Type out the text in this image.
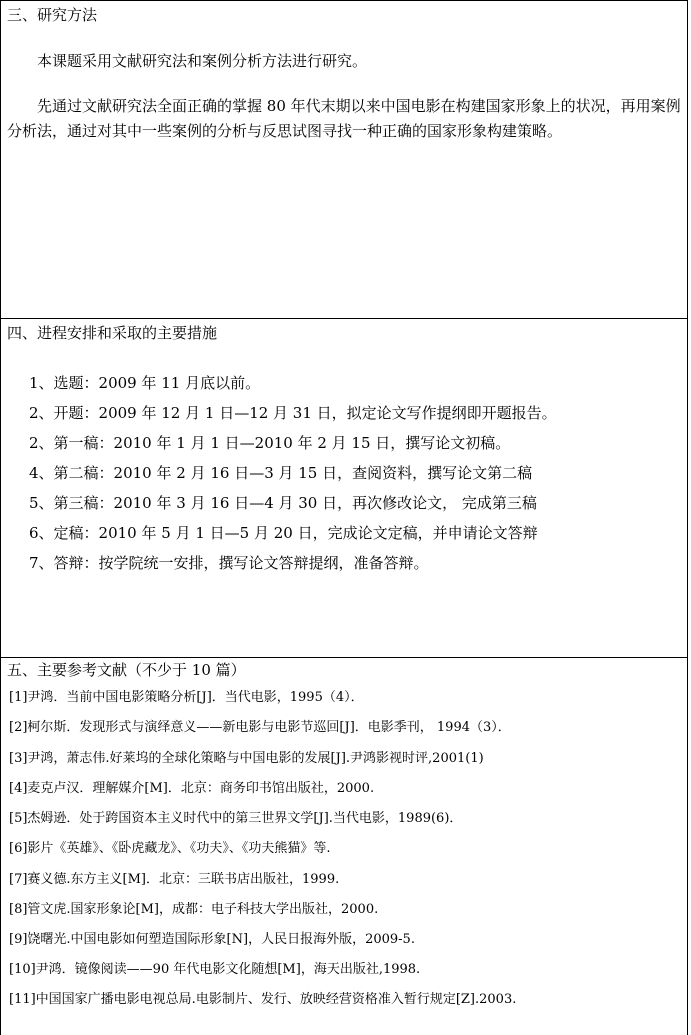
三、研究方法
本课题采用文献研究法和案例分析方法进行研究。
先通过文献研究法全面正确的掌握 80 年代末期以来中国电影在构建国家形象上的状况，再用案例分析法，通过对其中一些案例的分析与反思试图寻找一种正确的国家形象构建策略。
四、进程安排和采取的主要措施
1、选题：2009 年 11 月底以前。
2、开题：2009 年 12 月 1 日—12 月 31 日，拟定论文写作提纲即开题报告。
2、第一稿：2010 年 1 月 1 日—2010 年 2 月 15 日，撰写论文初稿。
4、第二稿：2010 年 2 月 16 日—3 月 15 日，查阅资料，撰写论文第二稿
5、第三稿：2010 年 3 月 16 日—4 月 30 日，再次修改论文， 完成第三稿
6、定稿：2010 年 5 月 1 日—5 月 20 日，完成论文定稿，并申请论文答辩
7、答辩：按学院统一安排，撰写论文答辩提纲，准备答辩。
五、主要参考文献（不少于 10 篇）
[1]尹鸿．当前中国电影策略分析[J]．当代电影，1995（4）．
[2]柯尔斯．发现形式与演绎意义——新电影与电影节巡回[J]．电影季刊， 1994（3）．
[3]尹鸿，萧志伟.好莱坞的全球化策略与中国电影的发展[J].尹鸿影视时评,2001(1)
[4]麦克卢汉．理解媒介[M]．北京：商务印书馆出版社，2000.
[5]杰姆逊．处于跨国资本主义时代中的第三世界文学[J].当代电影，1989(6)．
[6]影片《英雄》、《卧虎藏龙》、《功夫》、《功夫熊猫》等.
[7]赛义德.东方主义[M]．北京：三联书店出版社，1999.
[8]管文虎.国家形象论[M]，成都：电子科技大学出版社，2000.
[9]饶曙光.中国电影如何塑造国际形象[N]，人民日报海外版，2009-5.
[10]尹鸿．镜像阅读——90 年代电影文化随想[M]，海天出版社,1998.
[11]中国国家广播电影电视总局.电影制片、发行、放映经营资格准入暂行规定[Z].2003.
